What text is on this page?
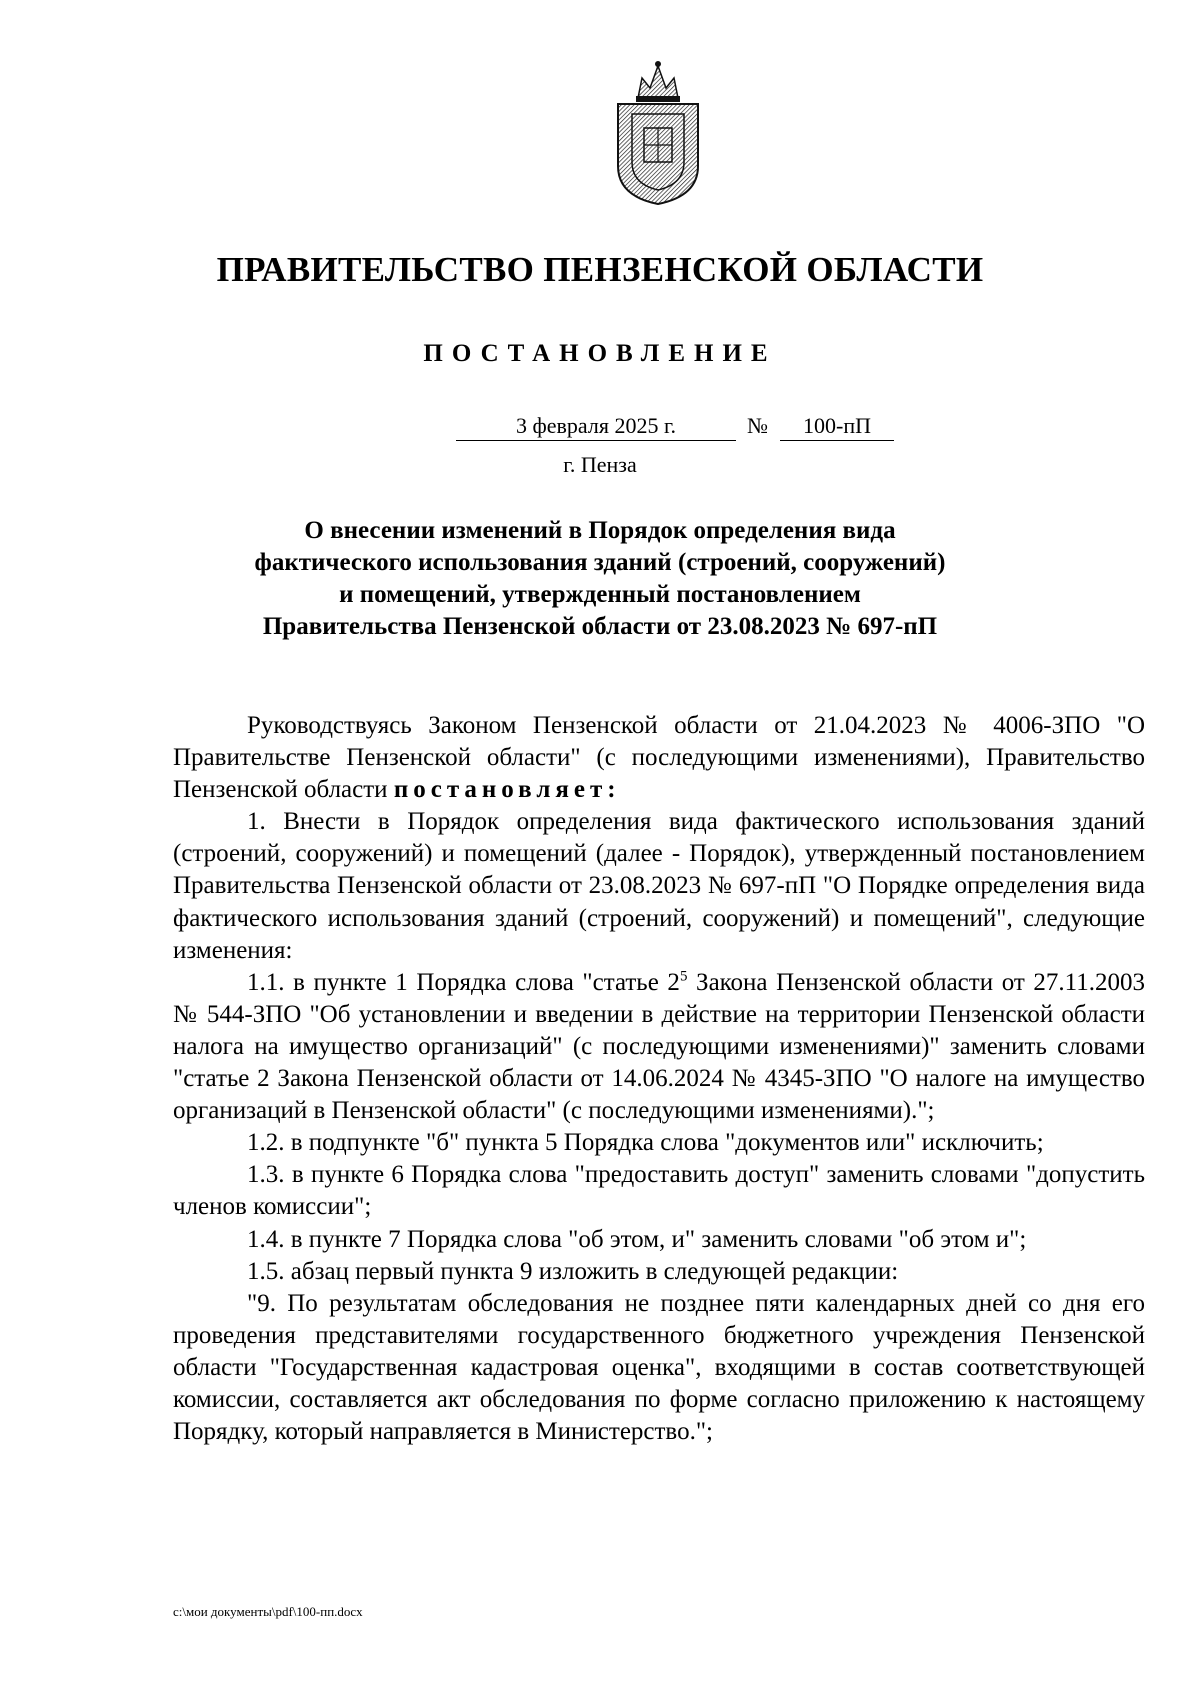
ПРАВИТЕЛЬСТВО ПЕНЗЕНСКОЙ ОБЛАСТИ
ПОСТАНОВЛЕНИЕ
3 февраля 2025 г.	№	100-пП
г. Пенза
О внесении изменений в Порядок определения вида
фактического использования зданий (строений, сооружений)
и помещений, утвержденный постановлением
Правительства Пензенской области от 23.08.2023 № 697-пП

Руководствуясь Законом Пензенской области от 21.04.2023 № 4006-ЗПО "О Правительстве Пензенской области" (с последующими изменениями), Правительство Пензенской области постановляет:

1. Внести в Порядок определения вида фактического использования зданий (строений, сооружений) и помещений (далее - Порядок), утвержденный постановлением Правительства Пензенской области от 23.08.2023 № 697-пП "О Порядке определения вида фактического использования зданий (строений, сооружений) и помещений", следующие изменения:

1.1. в пункте 1 Порядка слова "статье $2^5$ Закона Пензенской области от 27.11.2003 № 544-ЗПО "Об установлении и введении в действие на территории Пензенской области налога на имущество организаций" (с последующими изменениями)" заменить словами "статье 2 Закона Пензенской области от 14.06.2024 № 4345-ЗПО "О налоге на имущество организаций в Пензенской области" (с последующими изменениями).";

1.2. в подпункте "б" пункта 5 Порядка слова "документов или" исключить;

1.3. в пункте 6 Порядка слова "предоставить доступ" заменить словами "допустить членов комиссии";

1.4. в пункте 7 Порядка слова "об этом, и" заменить словами "об этом и";

1.5. абзац первый пункта 9 изложить в следующей редакции:

"9. По результатам обследования не позднее пяти календарных дней со дня его проведения представителями государственного бюджетного учреждения Пензенской области "Государственная кадастровая оценка", входящими в состав соответствующей комиссии, составляется акт обследования по форме согласно приложению к настоящему Порядку, который направляется в Министерство.";

c:\мои документы\pdf\100-пп.docx
